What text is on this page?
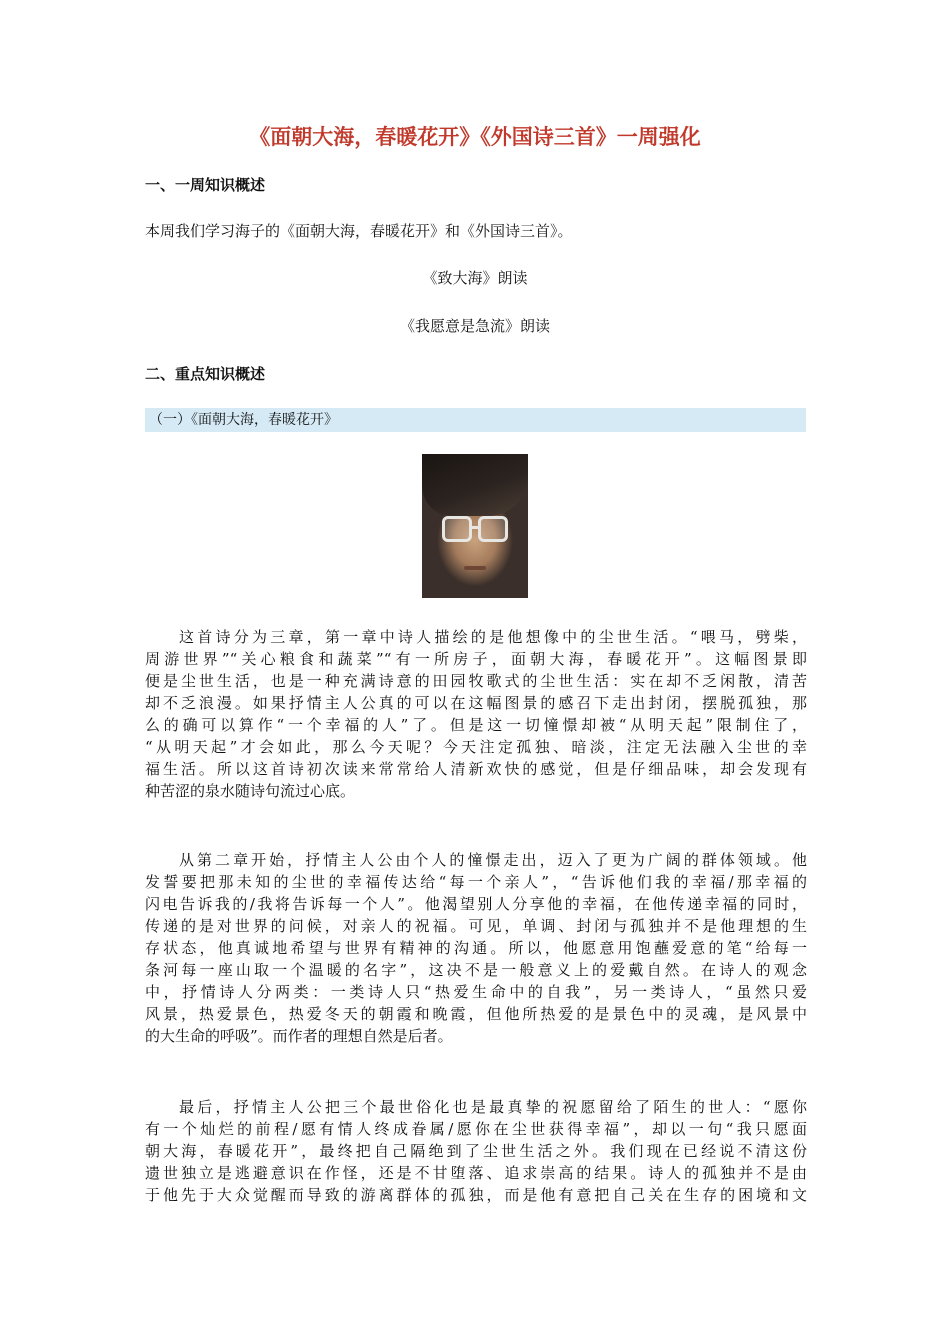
《面朝大海，春暖花开》《外国诗三首》一周强化
一、一周知识概述
本周我们学习海子的《面朝大海，春暖花开》和《外国诗三首》。
《致大海》朗读
《我愿意是急流》朗读
二、重点知识概述
（一）《面朝大海，春暖花开》
这首诗分为三章，第一章中诗人描绘的是他想像中的尘世生活。“喂马，劈柴，
周游世界”“关心粮食和蔬菜”“有一所房子，面朝大海，春暖花开”。这幅图景即
便是尘世生活，也是一种充满诗意的田园牧歌式的尘世生活：实在却不乏闲散，清苦
却不乏浪漫。如果抒情主人公真的可以在这幅图景的感召下走出封闭，摆脱孤独，那
么的确可以算作“一个幸福的人”了。但是这一切憧憬却被“从明天起”限制住了，
“从明天起”才会如此，那么今天呢？今天注定孤独、暗淡，注定无法融入尘世的幸
福生活。所以这首诗初次读来常常给人清新欢快的感觉，但是仔细品味，却会发现有
种苦涩的泉水随诗句流过心底。
从第二章开始，抒情主人公由个人的憧憬走出，迈入了更为广阔的群体领域。他
发誓要把那未知的尘世的幸福传达给“每一个亲人”，“告诉他们我的幸福/那幸福的
闪电告诉我的/我将告诉每一个人”。他渴望别人分享他的幸福，在他传递幸福的同时，
传递的是对世界的问候，对亲人的祝福。可见，单调、封闭与孤独并不是他理想的生
存状态，他真诚地希望与世界有精神的沟通。所以，他愿意用饱蘸爱意的笔“给每一
条河每一座山取一个温暖的名字”，这决不是一般意义上的爱戴自然。在诗人的观念
中，抒情诗人分两类：一类诗人只“热爱生命中的自我”，另一类诗人，“虽然只爱
风景，热爱景色，热爱冬天的朝霞和晚霞，但他所热爱的是景色中的灵魂，是风景中
的大生命的呼吸”。而作者的理想自然是后者。
最后，抒情主人公把三个最世俗化也是最真挚的祝愿留给了陌生的世人：“愿你
有一个灿烂的前程/愿有情人终成眷属/愿你在尘世获得幸福”，却以一句“我只愿面
朝大海，春暖花开”，最终把自己隔绝到了尘世生活之外。我们现在已经说不清这份
遗世独立是逃避意识在作怪，还是不甘堕落、追求崇高的结果。诗人的孤独并不是由
于他先于大众觉醒而导致的游离群体的孤独，而是他有意把自己关在生存的困境和文
